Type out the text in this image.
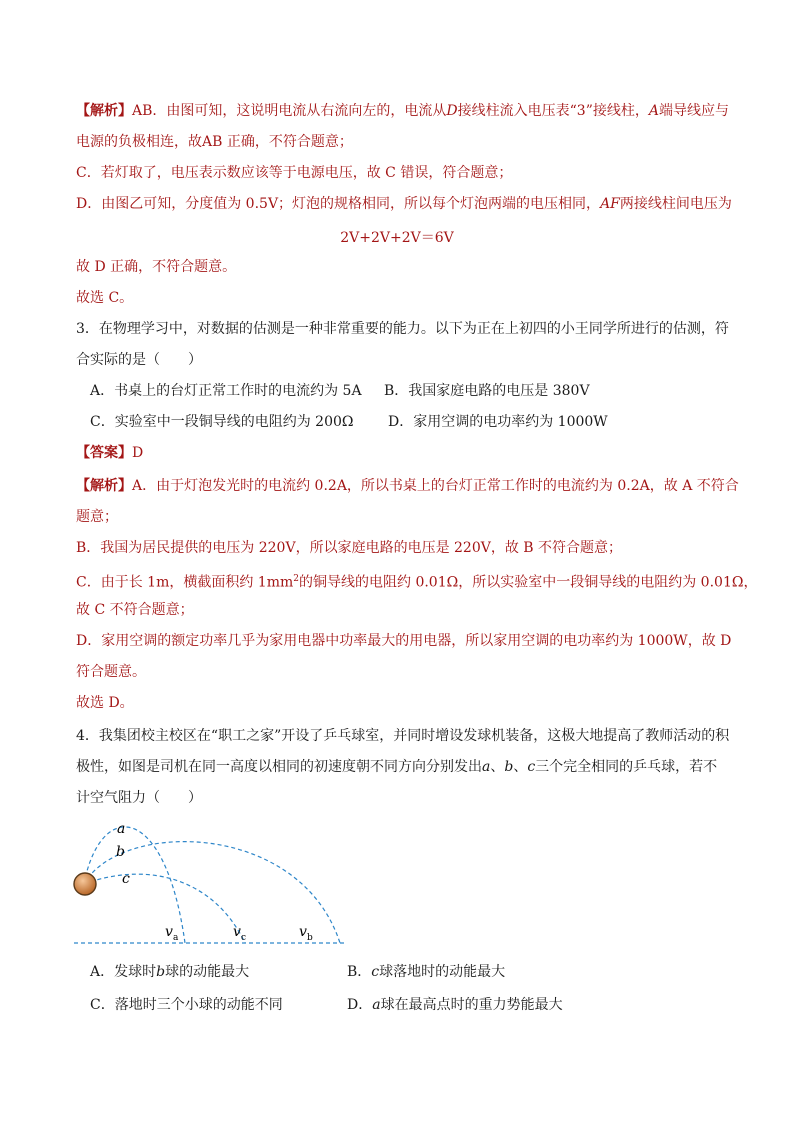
【解析】AB．由图可知，这说明电流从右流向左的，电流从D接线柱流入电压表“3”接线柱，A端导线应与
电源的负极相连，故AB 正确，不符合题意；
C．若灯取了，电压表示数应该等于电源电压，故 C 错误，符合题意；
D．由图乙可知，分度值为 0.5V；灯泡的规格相同，所以每个灯泡两端的电压相同，AF两接线柱间电压为
2V+2V+2V＝6V
故 D 正确，不符合题意。
故选 C。
3．在物理学习中，对数据的估测是一种非常重要的能力。以下为正在上初四的小王同学所进行的估测，符
合实际的是（　　）
A．书桌上的台灯正常工作时的电流约为 5A B．我国家庭电路的电压是 380V
C．实验室中一段铜导线的电阻约为 200Ω D．家用空调的电功率约为 1000W
【答案】D
【解析】A．由于灯泡发光时的电流约 0.2A，所以书桌上的台灯正常工作时的电流约为 0.2A，故 A 不符合
题意；
B．我国为居民提供的电压为 220V，所以家庭电路的电压是 220V，故 B 不符合题意；
C．由于长 1m，横截面积约 $1mm^2$的铜导线的电阻约 0.01Ω，所以实验室中一段铜导线的电阻约为 0.01Ω，
故 C 不符合题意；
D．家用空调的额定功率几乎为家用电器中功率最大的用电器，所以家用空调的电功率约为 1000W，故 D
符合题意。
故选 D。
4．我集团校主校区在“职工之家”开设了乒乓球室，并同时增设发球机装备，这极大地提高了教师活动的积
极性，如图是司机在同一高度以相同的初速度朝不同方向分别发出a、b、c三个完全相同的乒乓球，若不
计空气阻力（　　）
a
b
c
v a	v c	v b
A．发球时b球的动能最大	B．c球落地时的动能最大
C．落地时三个小球的动能不同	D．a球在最高点时的重力势能最大
